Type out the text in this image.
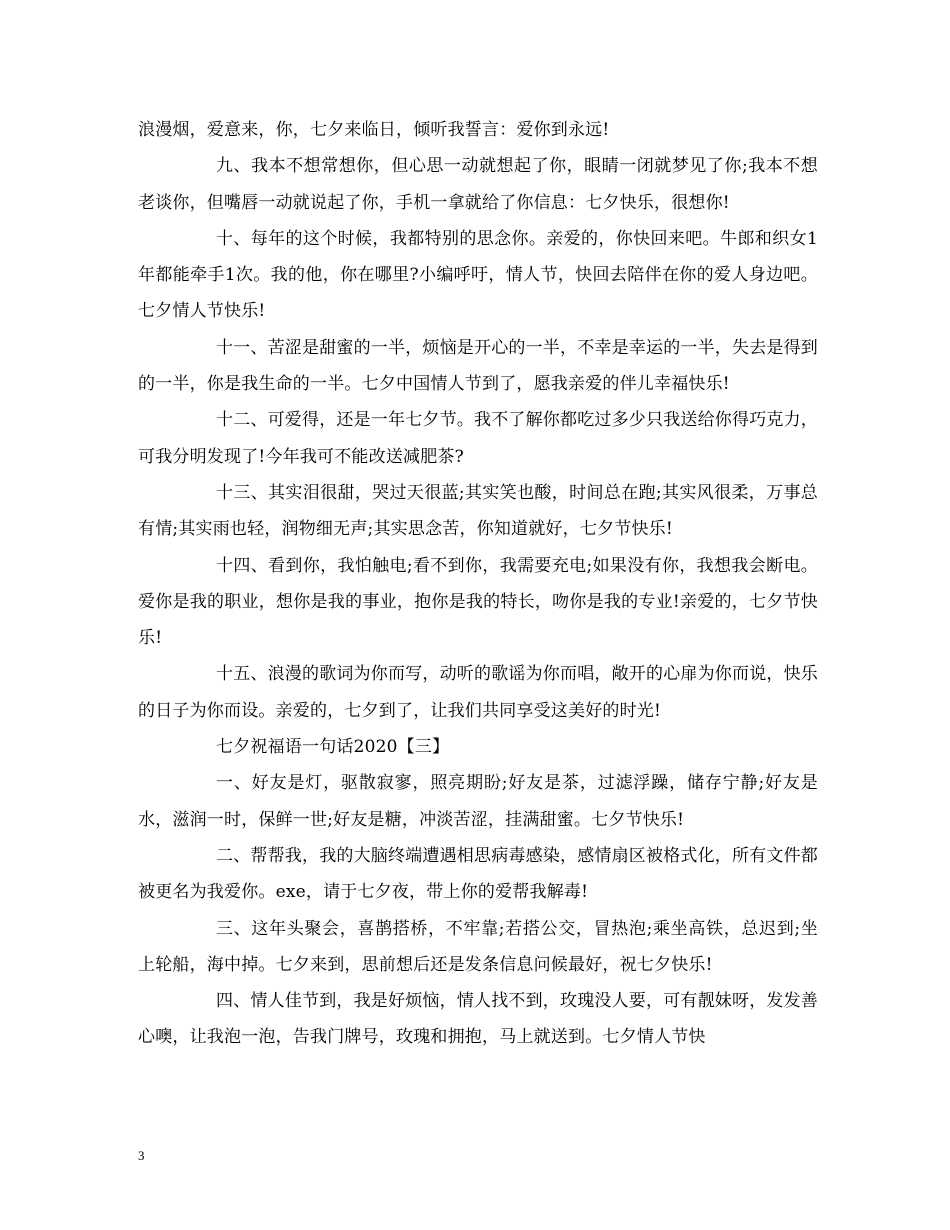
浪漫烟，爱意来，你，七夕来临日，倾听我誓言：爱你到永远!

九、我本不想常想你，但心思一动就想起了你，眼睛一闭就梦见了你;我本不想老谈你，但嘴唇一动就说起了你，手机一拿就给了你信息：七夕快乐，很想你!

十、每年的这个时候，我都特别的思念你。亲爱的，你快回来吧。牛郎和织女1年都能牵手1次。我的他，你在哪里?小编呼吁，情人节，快回去陪伴在你的爱人身边吧。七夕情人节快乐!

十一、苦涩是甜蜜的一半，烦恼是开心的一半，不幸是幸运的一半，失去是得到的一半，你是我生命的一半。七夕中国情人节到了，愿我亲爱的伴儿幸福快乐!

十二、可爱得，还是一年七夕节。我不了解你都吃过多少只我送给你得巧克力，可我分明发现了!今年我可不能改送减肥茶?

十三、其实泪很甜，哭过天很蓝;其实笑也酸，时间总在跑;其实风很柔，万事总有情;其实雨也轻，润物细无声;其实思念苦，你知道就好，七夕节快乐!

十四、看到你，我怕触电;看不到你，我需要充电;如果没有你，我想我会断电。爱你是我的职业，想你是我的事业，抱你是我的特长，吻你是我的专业!亲爱的，七夕节快乐!

十五、浪漫的歌词为你而写，动听的歌谣为你而唱，敞开的心扉为你而说，快乐的日子为你而设。亲爱的，七夕到了，让我们共同享受这美好的时光!

七夕祝福语一句话2020【三】

一、好友是灯，驱散寂寥，照亮期盼;好友是茶，过滤浮躁，储存宁静;好友是水，滋润一时，保鲜一世;好友是糖，冲淡苦涩，挂满甜蜜。七夕节快乐!

二、帮帮我，我的大脑终端遭遇相思病毒感染，感情扇区被格式化，所有文件都被更名为我爱你。exe，请于七夕夜，带上你的爱帮我解毒!

三、这年头聚会，喜鹊搭桥，不牢靠;若搭公交，冒热泡;乘坐高铁，总迟到;坐上轮船，海中掉。七夕来到，思前想后还是发条信息问候最好，祝七夕快乐!

四、情人佳节到，我是好烦恼，情人找不到，玫瑰没人要，可有靓妹呀，发发善心噢，让我泡一泡，告我门牌号，玫瑰和拥抱，马上就送到。七夕情人节快

3
